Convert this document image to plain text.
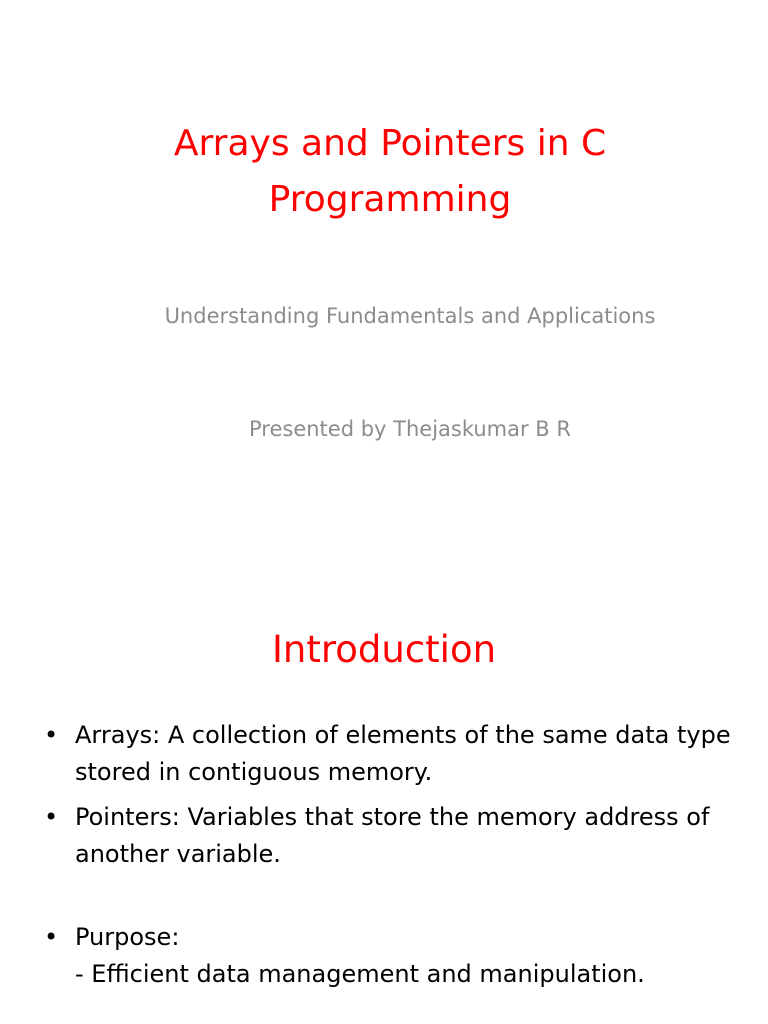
Arrays and Pointers in C
Programming

Understanding Fundamentals and Applications

Presented by Thejaskumar B R

Introduction
• Arrays: A collection of elements of the same data type stored in contiguous memory.
• Pointers: Variables that store the memory address of another variable.
• Purpose:
- Efficient data management and manipulation.
